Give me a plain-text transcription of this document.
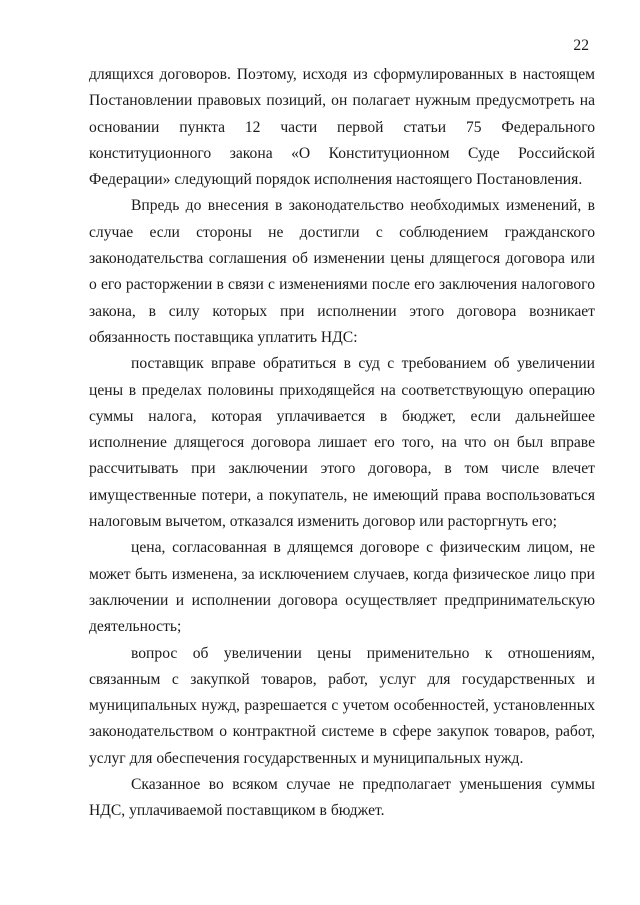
22

длящихся договоров. Поэтому, исходя из сформулированных в настоящем Постановлении правовых позиций, он полагает нужным предусмотреть на основании пункта 12 части первой статьи 75 Федерального конституционного закона «О Конституционном Суде Российской Федерации» следующий порядок исполнения настоящего Постановления.

Впредь до внесения в законодательство необходимых изменений, в случае если стороны не достигли с соблюдением гражданского законодательства соглашения об изменении цены длящегося договора или о его расторжении в связи с изменениями после его заключения налогового закона, в силу которых при исполнении этого договора возникает обязанность поставщика уплатить НДС:

поставщик вправе обратиться в суд с требованием об увеличении цены в пределах половины приходящейся на соответствующую операцию суммы налога, которая уплачивается в бюджет, если дальнейшее исполнение длящегося договора лишает его того, на что он был вправе рассчитывать при заключении этого договора, в том числе влечет имущественные потери, а покупатель, не имеющий права воспользоваться налоговым вычетом, отказался изменить договор или расторгнуть его;

цена, согласованная в длящемся договоре с физическим лицом, не может быть изменена, за исключением случаев, когда физическое лицо при заключении и исполнении договора осуществляет предпринимательскую деятельность;

вопрос об увеличении цены применительно к отношениям, связанным с закупкой товаров, работ, услуг для государственных и муниципальных нужд, разрешается с учетом особенностей, установленных законодательством о контрактной системе в сфере закупок товаров, работ, услуг для обеспечения государственных и муниципальных нужд.

Сказанное во всяком случае не предполагает уменьшения суммы НДС, уплачиваемой поставщиком в бюджет.
